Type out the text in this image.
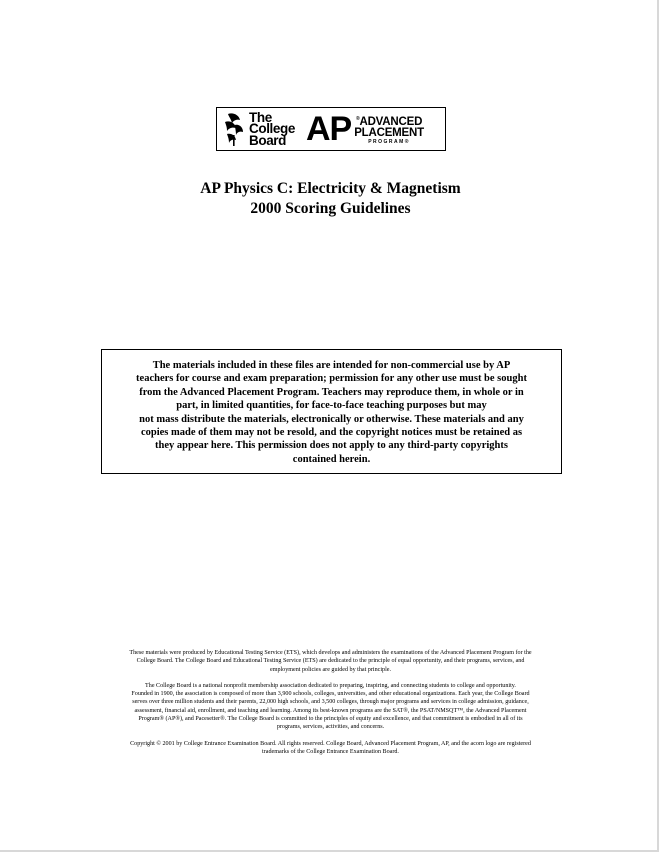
The
College
Board AP ®ADVANCED
PLACEMENT
PROGRAM®
AP Physics C: Electricity & Magnetism
2000 Scoring Guidelines
The materials included in these files are intended for non-commercial use by AP
teachers for course and exam preparation; permission for any other use must be sought
from the Advanced Placement Program. Teachers may reproduce them, in whole or in
part, in limited quantities, for face-to-face teaching purposes but may
not mass distribute the materials, electronically or otherwise. These materials and any
copies made of them may not be resold, and the copyright notices must be retained as
they appear here. This permission does not apply to any third-party copyrights
contained herein.
These materials were produced by Educational Testing Service (ETS), which develops and administers the examinations of the Advanced Placement Program for the
College Board. The College Board and Educational Testing Service (ETS) are dedicated to the principle of equal opportunity, and their programs, services, and
employment policies are guided by that principle.
The College Board is a national nonprofit membership association dedicated to preparing, inspiring, and connecting students to college and opportunity.
Founded in 1900, the association is composed of more than 3,900 schools, colleges, universities, and other educational organizations. Each year, the College Board
serves over three million students and their parents, 22,000 high schools, and 3,500 colleges, through major programs and services in college admission, guidance,
assessment, financial aid, enrollment, and teaching and learning. Among its best-known programs are the SAT®, the PSAT/NMSQT™, the Advanced Placement
Program® (AP®), and Pacesetter®. The College Board is committed to the principles of equity and excellence, and that commitment is embodied in all of its
programs, services, activities, and concerns.
Copyright © 2001 by College Entrance Examination Board. All rights reserved. College Board, Advanced Placement Program, AP, and the acorn logo are registered
trademarks of the College Entrance Examination Board.
